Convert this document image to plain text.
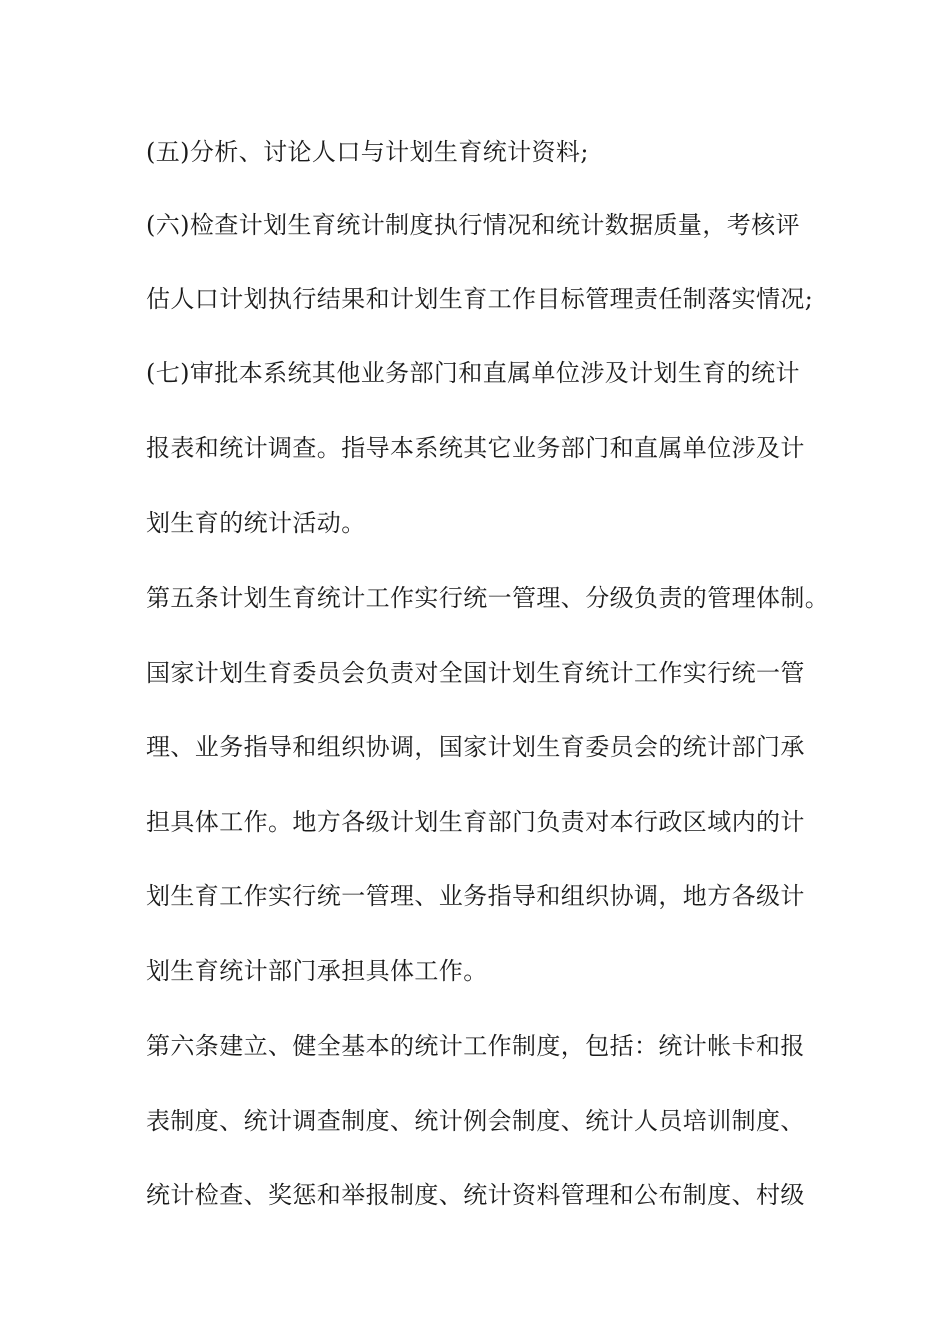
(五)分析、讨论人口与计划生育统计资料;
(六)检查计划生育统计制度执行情况和统计数据质量，考核评
估人口计划执行结果和计划生育工作目标管理责任制落实情况;
(七)审批本系统其他业务部门和直属单位涉及计划生育的统计
报表和统计调查。指导本系统其它业务部门和直属单位涉及计
划生育的统计活动。
第五条计划生育统计工作实行统一管理、分级负责的管理体制。
国家计划生育委员会负责对全国计划生育统计工作实行统一管
理、业务指导和组织协调，国家计划生育委员会的统计部门承
担具体工作。地方各级计划生育部门负责对本行政区域内的计
划生育工作实行统一管理、业务指导和组织协调，地方各级计
划生育统计部门承担具体工作。
第六条建立、健全基本的统计工作制度，包括：统计帐卡和报
表制度、统计调查制度、统计例会制度、统计人员培训制度、
统计检查、奖惩和举报制度、统计资料管理和公布制度、村级
